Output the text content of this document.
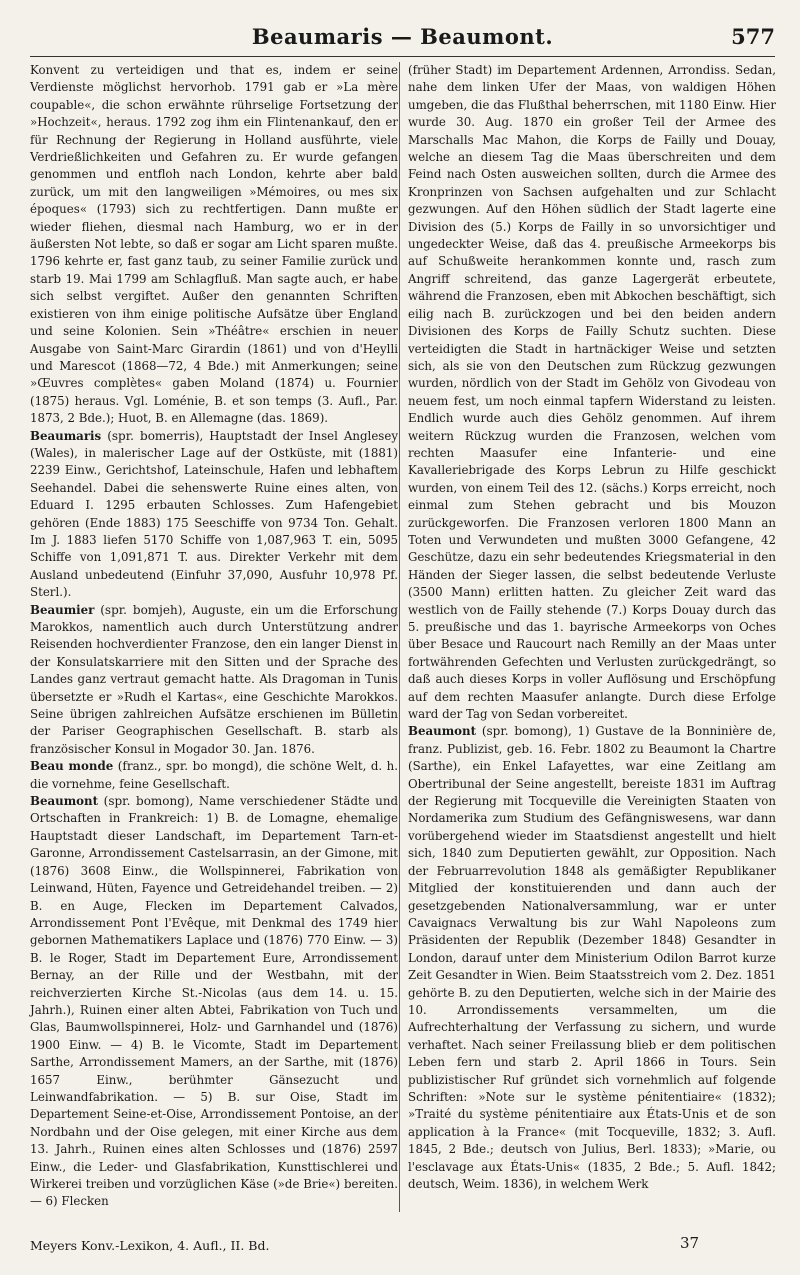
Beaumaris — Beaumont.	577

Konvent zu verteidigen und that es, indem er seine Verdienste möglichst hervorhob. 1791 gab er »La mère coupable«, die schon erwähnte rührselige Fortsetzung der »Hochzeit«, heraus. 1792 zog ihm ein Flintenankauf, den er für Rechnung der Regierung in Holland ausführte, viele Verdrießlichkeiten und Gefahren zu. Er wurde gefangen genommen und entfloh nach London, kehrte aber bald zurück, um mit den langweiligen »Mémoires, ou mes six époques« (1793) sich zu rechtfertigen. Dann mußte er wieder fliehen, diesmal nach Hamburg, wo er in der äußersten Not lebte, so daß er sogar am Licht sparen mußte. 1796 kehrte er, fast ganz taub, zu seiner Familie zurück und starb 19. Mai 1799 am Schlagfluß. Man sagte auch, er habe sich selbst vergiftet. Außer den genannten Schriften existieren von ihm einige politische Aufsätze über England und seine Kolonien. Sein »Théâtre« erschien in neuer Ausgabe von Saint-Marc Girardin (1861) und von d'Heylli und Marescot (1868—72, 4 Bde.) mit Anmerkungen; seine »Œuvres complètes« gaben Moland (1874) u. Fournier (1875) heraus. Vgl. Loménie, B. et son temps (3. Aufl., Par. 1873, 2 Bde.); Huot, B. en Allemagne (das. 1869).

Beaumaris (spr. bomerris), Hauptstadt der Insel Anglesey (Wales), in malerischer Lage auf der Ostküste, mit (1881) 2239 Einw., Gerichtshof, Lateinschule, Hafen und lebhaftem Seehandel. Dabei die sehenswerte Ruine eines alten, von Eduard I. 1295 erbauten Schlosses. Zum Hafengebiet gehören (Ende 1883) 175 Seeschiffe von 9734 Ton. Gehalt. Im J. 1883 liefen 5170 Schiffe von 1,087,963 T. ein, 5095 Schiffe von 1,091,871 T. aus. Direkter Verkehr mit dem Ausland unbedeutend (Einfuhr 37,090, Ausfuhr 10,978 Pf. Sterl.).

Beaumier (spr. bomjeh), Auguste, ein um die Erforschung Marokkos, namentlich auch durch Unterstützung andrer Reisenden hochverdienter Franzose, den ein langer Dienst in der Konsulatskarriere mit den Sitten und der Sprache des Landes ganz vertraut gemacht hatte. Als Dragoman in Tunis übersetzte er »Rudh el Kartas«, eine Geschichte Marokkos. Seine übrigen zahlreichen Aufsätze erschienen im Bülletin der Pariser Geographischen Gesellschaft. B. starb als französischer Konsul in Mogador 30. Jan. 1876.

Beau monde (franz., spr. bo mongd), die schöne Welt, d. h. die vornehme, feine Gesellschaft.

Beaumont (spr. bomong), Name verschiedener Städte und Ortschaften in Frankreich: 1) B. de Lomagne, ehemalige Hauptstadt dieser Landschaft, im Departement Tarn-et-Garonne, Arrondissement Castelsarrasin, an der Gimone, mit (1876) 3608 Einw., die Wollspinnerei, Fabrikation von Leinwand, Hüten, Fayence und Getreidehandel treiben. — 2) B. en Auge, Flecken im Departement Calvados, Arrondissement Pont l'Evêque, mit Denkmal des 1749 hier gebornen Mathematikers Laplace und (1876) 770 Einw. — 3) B. le Roger, Stadt im Departement Eure, Arrondissement Bernay, an der Rille und der Westbahn, mit der reichverzierten Kirche St.-Nicolas (aus dem 14. u. 15. Jahrh.), Ruinen einer alten Abtei, Fabrikation von Tuch und Glas, Baumwollspinnerei, Holz- und Garnhandel und (1876) 1900 Einw. — 4) B. le Vicomte, Stadt im Departement Sarthe, Arrondissement Mamers, an der Sarthe, mit (1876) 1657 Einw., berühmter Gänsezucht und Leinwandfabrikation. — 5) B. sur Oise, Stadt im Departement Seine-et-Oise, Arrondissement Pontoise, an der Nordbahn und der Oise gelegen, mit einer Kirche aus dem 13. Jahrh., Ruinen eines alten Schlosses und (1876) 2597 Einw., die Leder- und Glasfabrikation, Kunsttischlerei und Wirkerei treiben und vorzüglichen Käse (»de Brie«) bereiten. — 6) Flecken

(früher Stadt) im Departement Ardennen, Arrondiss. Sedan, nahe dem linken Ufer der Maas, von waldigen Höhen umgeben, die das Flußthal beherrschen, mit 1180 Einw. Hier wurde 30. Aug. 1870 ein großer Teil der Armee des Marschalls Mac Mahon, die Korps de Failly und Douay, welche an diesem Tag die Maas überschreiten und dem Feind nach Osten ausweichen sollten, durch die Armee des Kronprinzen von Sachsen aufgehalten und zur Schlacht gezwungen. Auf den Höhen südlich der Stadt lagerte eine Division des (5.) Korps de Failly in so unvorsichtiger und ungedeckter Weise, daß das 4. preußische Armeekorps bis auf Schußweite herankommen konnte und, rasch zum Angriff schreitend, das ganze Lagergerät erbeutete, während die Franzosen, eben mit Abkochen beschäftigt, sich eilig nach B. zurückzogen und bei den beiden andern Divisionen des Korps de Failly Schutz suchten. Diese verteidigten die Stadt in hartnäckiger Weise und setzten sich, als sie von den Deutschen zum Rückzug gezwungen wurden, nördlich von der Stadt im Gehölz von Givodeau von neuem fest, um noch einmal tapfern Widerstand zu leisten. Endlich wurde auch dies Gehölz genommen. Auf ihrem weitern Rückzug wurden die Franzosen, welchen vom rechten Maasufer eine Infanterie- und eine Kavalleriebrigade des Korps Lebrun zu Hilfe geschickt wurden, von einem Teil des 12. (sächs.) Korps erreicht, noch einmal zum Stehen gebracht und bis Mouzon zurückgeworfen. Die Franzosen verloren 1800 Mann an Toten und Verwundeten und mußten 3000 Gefangene, 42 Geschütze, dazu ein sehr bedeutendes Kriegsmaterial in den Händen der Sieger lassen, die selbst bedeutende Verluste (3500 Mann) erlitten hatten. Zu gleicher Zeit ward das westlich von de Failly stehende (7.) Korps Douay durch das 5. preußische und das 1. bayrische Armeekorps von Oches über Besace und Raucourt nach Remilly an der Maas unter fortwährenden Gefechten und Verlusten zurückgedrängt, so daß auch dieses Korps in voller Auflösung und Erschöpfung auf dem rechten Maasufer anlangte. Durch diese Erfolge ward der Tag von Sedan vorbereitet.

Beaumont (spr. bomong), 1) Gustave de la Bonninière de, franz. Publizist, geb. 16. Febr. 1802 zu Beaumont la Chartre (Sarthe), ein Enkel Lafayettes, war eine Zeitlang am Obertribunal der Seine angestellt, bereiste 1831 im Auftrag der Regierung mit Tocqueville die Vereinigten Staaten von Nordamerika zum Studium des Gefängniswesens, war dann vorübergehend wieder im Staatsdienst angestellt und hielt sich, 1840 zum Deputierten gewählt, zur Opposition. Nach der Februarrevolution 1848 als gemäßigter Republikaner Mitglied der konstituierenden und dann auch der gesetzgebenden Nationalversammlung, war er unter Cavaignacs Verwaltung bis zur Wahl Napoleons zum Präsidenten der Republik (Dezember 1848) Gesandter in London, darauf unter dem Ministerium Odilon Barrot kurze Zeit Gesandter in Wien. Beim Staatsstreich vom 2. Dez. 1851 gehörte B. zu den Deputierten, welche sich in der Mairie des 10. Arrondissements versammelten, um die Aufrechterhaltung der Verfassung zu sichern, und wurde verhaftet. Nach seiner Freilassung blieb er dem politischen Leben fern und starb 2. April 1866 in Tours. Sein publizistischer Ruf gründet sich vornehmlich auf folgende Schriften: »Note sur le système pénitentiaire« (1832); »Traité du système pénitentiaire aux États-Unis et de son application à la France« (mit Tocqueville, 1832; 3. Aufl. 1845, 2 Bde.; deutsch von Julius, Berl. 1833); »Marie, ou l'esclavage aux États-Unis« (1835, 2 Bde.; 5. Aufl. 1842; deutsch, Weim. 1836), in welchem Werk

Meyers Konv.-Lexikon, 4. Aufl., II. Bd.	37
